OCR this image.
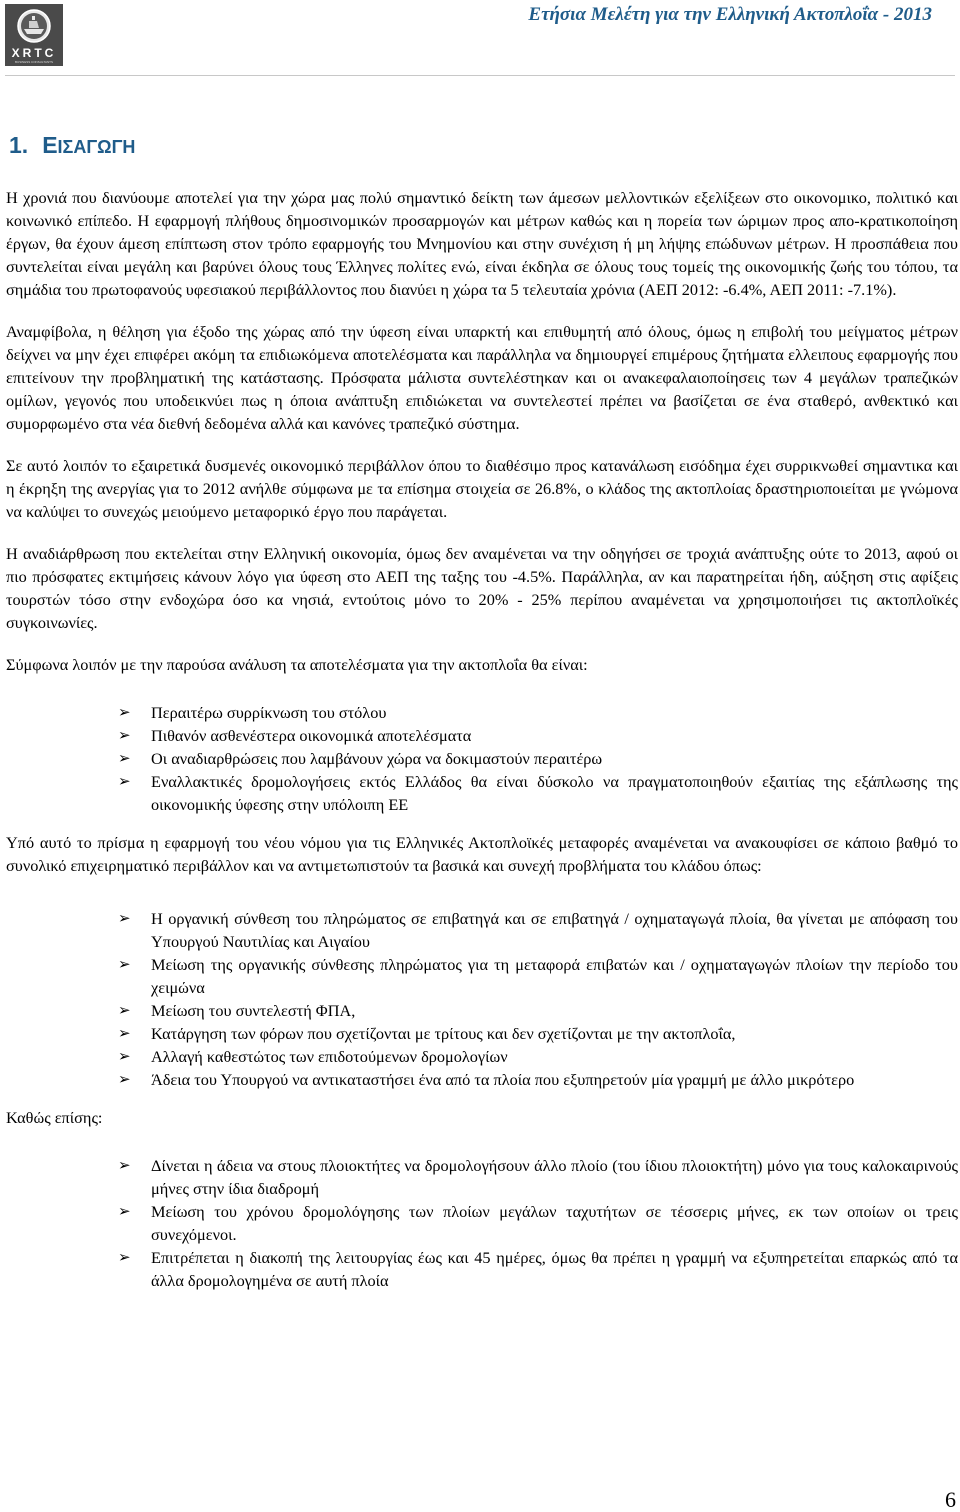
XRTC
BUSINESS CONSULTANTS
Ετήσια Μελέτη για την Ελληνική Ακτοπλοΐα - 2013
1. ΕΙΣΑΓΩΓΗ

Η χρονιά που διανύουμε αποτελεί για την χώρα μας πολύ σημαντικό δείκτη των άμεσων μελλοντικών εξελίξεων στο οικονομικο, πολιτικό και κοινωνικό επίπεδο. Η εφαρμογή πλήθους δημοσινομικών προσαρμογών και μέτρων καθώς και η πορεία των ώριμων προς απο-κρατικοποίηση έργων, θα έχουν άμεση επίπτωση στον τρόπο εφαρμογής του Μνημονίου και στην συνέχιση ή μη λήψης επώδυνων μέτρων. Η προσπάθεια που συντελείται είναι μεγάλη και βαρύνει όλους τους Έλληνες πολίτες ενώ, είναι έκδηλα σε όλους τους τομείς της οικονομικής ζωής του τόπου, τα σημάδια του πρωτοφανούς υφεσιακού περιβάλλοντος που διανύει η χώρα τα 5 τελευταία χρόνια (ΑΕΠ 2012: -6.4%, ΑΕΠ 2011: -7.1%).

Αναμφίβολα, η θέληση για έξοδο της χώρας από την ύφεση είναι υπαρκτή και επιθυμητή από όλους, όμως η επιβολή του μείγματος μέτρων δείχνει να μην έχει επιφέρει ακόμη τα επιδιωκόμενα αποτελέσματα και παράλληλα να δημιουργεί επιμέρους ζητήματα ελλειπους εφαρμογής που επιτείνουν την προβληματική της κατάστασης. Πρόσφατα μάλιστα συντελέστηκαν και οι ανακεφαλαιοποίησεις των 4 μεγάλων τραπεζικών ομίλων, γεγονός που υποδεικνύει πως η όποια ανάπτυξη επιδιώκεται να συντελεστεί πρέπει να βασίζεται σε ένα σταθερό, ανθεκτικό και συμορφωμένο στα νέα διεθνή δεδομένα αλλά και κανόνες τραπεζικό σύστημα.

Σε αυτό λοιπόν το εξαιρετικά δυσμενές οικονομικό περιβάλλον όπου το διαθέσιμο προς κατανάλωση εισόδημα έχει συρρικνωθεί σημαντικα και η έκρηξη της ανεργίας για το 2012 ανήλθε σύμφωνα με τα επίσημα στοιχεία σε 26.8%, ο κλάδος της ακτοπλοίας δραστηριοποιείται με γνώμονα να καλύψει το συνεχώς μειούμενο μεταφορικό έργο που παράγεται.

Η αναδιάρθρωση που εκτελείται στην Ελληνική οικονομία, όμως δεν αναμένεται να την οδηγήσει σε τροχιά ανάπτυξης ούτε το 2013, αφού οι πιο πρόσφατες εκτιμήσεις κάνουν λόγο για ύφεση στο ΑΕΠ της ταξης του -4.5%. Παράλληλα, αν και παρατηρείται ήδη, αύξηση στις αφίξεις τουρστών τόσο στην ενδοχώρα όσο κα νησιά, εντούτοις μόνο το 20% - 25% περίπου αναμένεται να χρησιμοποιήσει τις ακτοπλοϊκές συγκοινωνίες.

Σύμφωνα λοιπόν με την παρούσα ανάλυση τα αποτελέσματα για την ακτοπλοΐα θα είναι:

➢ Περαιτέρω συρρίκνωση του στόλου
➢ Πιθανόν ασθενέστερα οικονομικά αποτελέσματα
➢ Οι αναδιαρθρώσεις που λαμβάνουν χώρα να δοκιμαστούν περαιτέρω
➢ Εναλλακτικές δρομολογήσεις εκτός Ελλάδος θα είναι δύσκολο να πραγματοποιηθούν εξαιτίας της εξάπλωσης της οικονομικής ύφεσης στην υπόλοιπη ΕΕ

Υπό αυτό το πρίσμα η εφαρμογή του νέου νόμου για τις Ελληνικές Ακτοπλοϊκές μεταφορές αναμένεται να ανακουφίσει σε κάποιο βαθμό το συνολικό επιχειρηματικό περιβάλλον και να αντιμετωπιστούν τα βασικά και συνεχή προβλήματα του κλάδου όπως:

➢ Η οργανική σύνθεση του πληρώματος σε επιβατηγά και σε επιβατηγά / οχηματαγωγά πλοία, θα γίνεται με απόφαση του Υπουργού Ναυτιλίας και Αιγαίου
➢ Μείωση της οργανικής σύνθεσης πληρώματος για τη μεταφορά επιβατών και / οχηματαγωγών πλοίων την περίοδο του χειμώνα
➢ Μείωση του συντελεστή ΦΠΑ,
➢ Κατάργηση των φόρων που σχετίζονται με τρίτους και δεν σχετίζονται με την ακτοπλοΐα,
➢ Αλλαγή καθεστώτος των επιδοτούμενων δρομολογίων
➢ Άδεια του Υπουργού να αντικαταστήσει ένα από τα πλοία που εξυπηρετούν μία γραμμή με άλλο μικρότερο

Καθώς επίσης:

➢ Δίνεται η άδεια να στους πλοιοκτήτες να δρομολογήσουν άλλο πλοίο (του ίδιου πλοιοκτήτη) μόνο για τους καλοκαιρινούς μήνες στην ίδια διαδρομή
➢ Μείωση του χρόνου δρομολόγησης των πλοίων μεγάλων ταχυτήτων σε τέσσερις μήνες, εκ των οποίων οι τρεις συνεχόμενοι.
➢ Επιτρέπεται η διακοπή της λειτουργίας έως και 45 ημέρες, όμως θα πρέπει η γραμμή να εξυπηρετείται επαρκώς από τα άλλα δρομολογημένα σε αυτή πλοία
6
